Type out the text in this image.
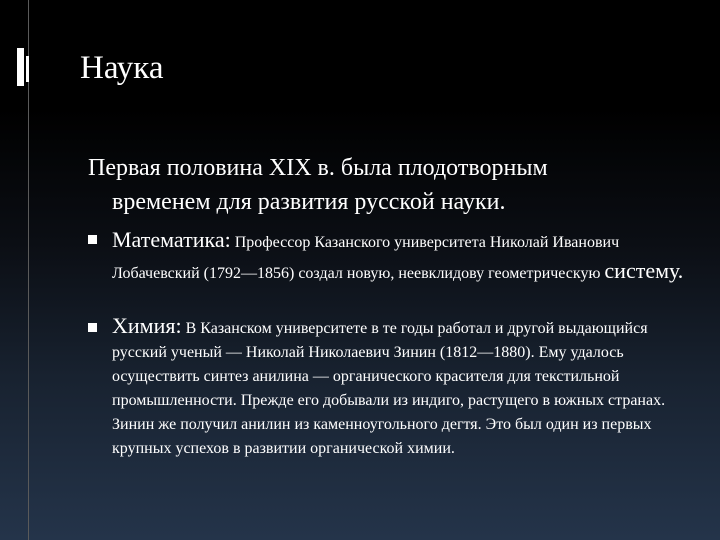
Наука
Первая половина XIX в. была плодотворным
временем для развития русской науки.
Математика: Профессор Казанского университета Николай Иванович Лобачевский (1792—1856) создал новую, неевклидову геометрическую систему.
Химия: В Казанском университете в те годы работал и другой выдающийся русский ученый — Николай Николаевич Зинин (1812—1880). Ему удалось осуществить синтез анилина — органического красителя для текстильной промышленности. Прежде его добывали из индиго, растущего в южных странах. Зинин же получил анилин из каменноугольного дегтя. Это был один из первых крупных успехов в развитии органической химии.
